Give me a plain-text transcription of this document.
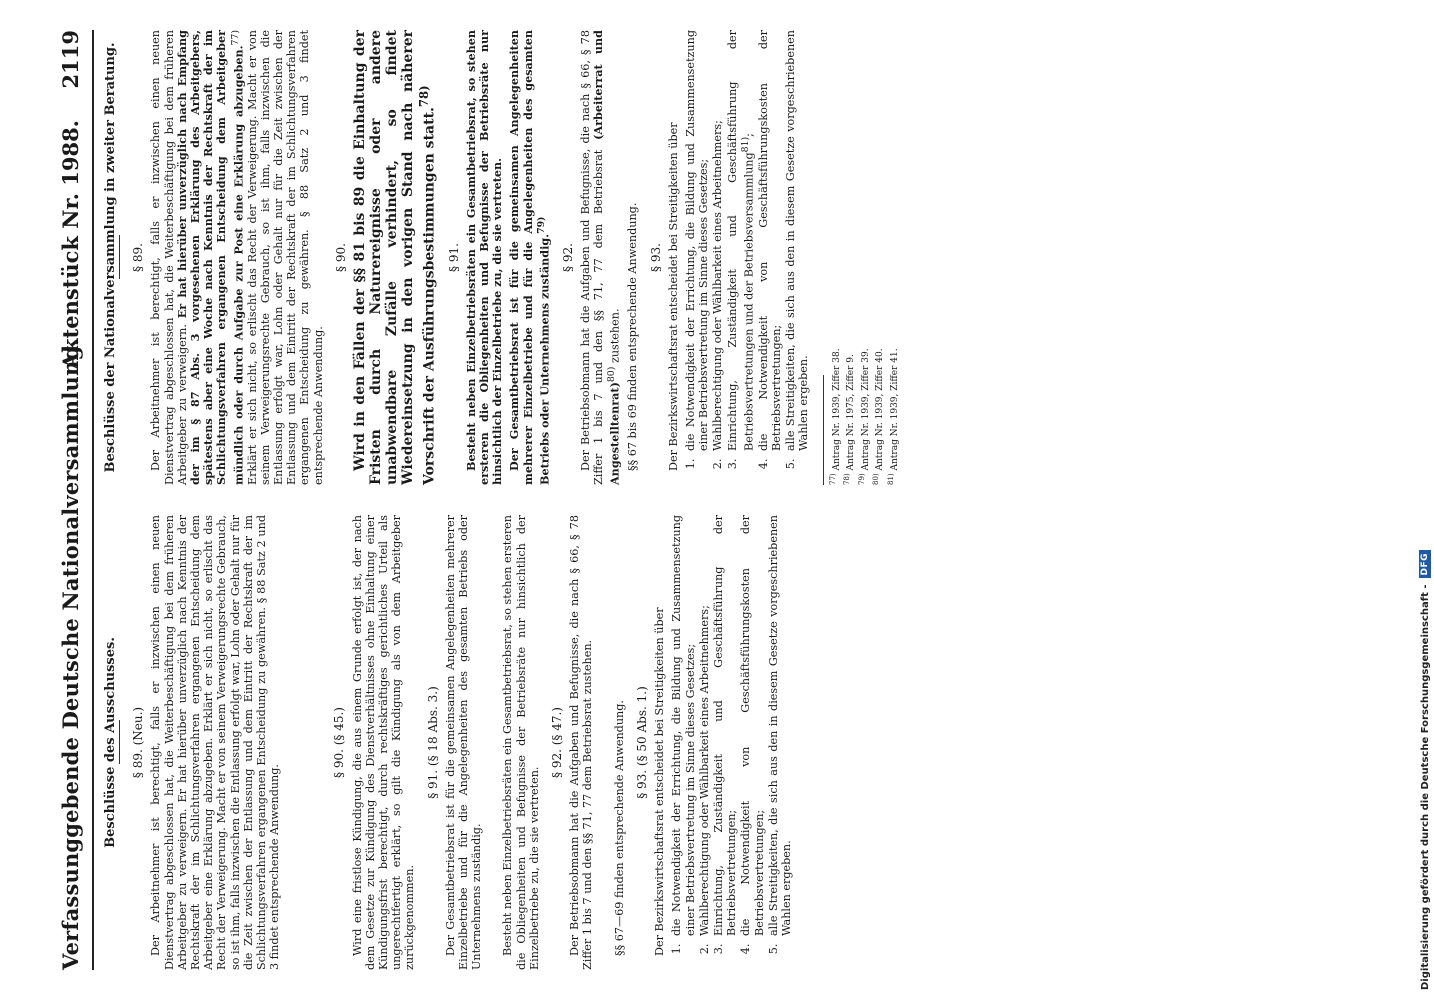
Verfassunggebende Deutsche Nationalversammlung.
Aktenstück Nr. 1988.
2119
Beschlüsse des Ausschusses. § 89. (Neu.) Der Arbeitnehmer ist berechtigt, falls er inzwischen einen neuen Dienstvertrag abgeschlossen hat, die Weiterbeschäftigung bei dem früheren Arbeitgeber zu verweigern. Er hat hierüber unverzüglich nach Kenntnis der Rechtskraft der im Schlichtungsverfahren ergangenen Entscheidung dem Arbeitgeber eine Erklärung abzugeben. Erklärt er sich nicht, so erlischt das Recht der Verweigerung. Macht er von seinem Verweigerungsrechte Gebrauch, so ist ihm, falls inzwischen die Entlassung erfolgt war, Lohn oder Gehalt nur für die Zeit zwischen der Entlassung und dem Eintritt der Rechtskraft der im Schlichtungsverfahren ergangenen Entscheidung zu gewähren. § 88 Satz 2 und 3 findet entsprechende Anwendung.

§ 90. (§ 45.) Wird eine fristlose Kündigung, die aus einem Grunde erfolgt ist, der nach dem Gesetze zur Kündigung des Dienstverhältnisses ohne Einhaltung einer Kündigungsfrist berechtigt, durch rechtskräftiges gerichtliches Urteil als ungerechtfertigt erklärt, so gilt die Kündigung als von dem Arbeitgeber zurückgenommen.

§ 91. (§ 18 Abs. 3.) Der Gesamtbetriebsrat ist für die gemeinsamen Angelegenheiten mehrerer Einzelbetriebe und für die Angelegenheiten des gesamten Betriebs oder Unternehmens zuständig. Besteht neben Einzelbetriebsräten ein Gesamtbetriebsrat, so stehen ersteren die Obliegenheiten und Befugnisse der Betriebsräte nur hinsichtlich der Einzelbetriebe zu, die sie vertreten.

§ 92. (§ 47.) Der Betriebsobmann hat die Aufgaben und Befugnisse, die nach § 66, § 78 Ziffer 1 bis 7 und den §§ 71, 77 dem Betriebsrat zustehen. §§ 67—69 finden entsprechende Anwendung. § 93. (§ 50 Abs. 1.) Der Bezirkswirtschaftsrat entscheidet bei Streitigkeiten über 1. die Notwendigkeit der Errichtung, die Bildung und Zusammensetzung einer Betriebsvertretung im Sinne dieses Gesetzes; 2. Wahlberechtigung oder Wählbarkeit eines Arbeitnehmers; 3. Einrichtung, Zuständigkeit und Geschäftsführung der Betriebsvertretungen; 4. die Notwendigkeit von Geschäftsführungskosten der Betriebsvertretungen; 5. alle Streitigkeiten, die sich aus den in diesem Gesetze vorgeschriebenen Wahlen ergeben.
Beschlüsse der Nationalversammlung in zweiter Beratung. § 89. Der Arbeitnehmer ist berechtigt, falls er inzwischen einen neuen Dienstvertrag abgeschlossen hat, die Weiterbeschäftigung bei dem früheren Arbeitgeber zu verweigern. Er hat hierüber unverzüglich nach Empfang der im § 87 Abs. 3 vorgesehenen Erklärung des Arbeitgebers, spätestens aber eine Woche nach Kenntnis der Rechtskraft der im Schlichtungsverfahren ergangenen Entscheidung dem Arbeitgeber mündlich oder durch Aufgabe zur Post eine Erklärung abzugeben.$^{77)}$ Erklärt er sich nicht, so erlischt das Recht der Verweigerung. Macht er von seinem Verweigerungsrechte Gebrauch, so ist ihm, falls inzwischen die Entlassung erfolgt war, Lohn oder Gehalt nur für die Zeit zwischen der Entlassung und dem Eintritt der Rechtskraft der im Schlichtungsverfahren ergangenen Entscheidung zu gewähren. § 88 Satz 2 und 3 findet entsprechende Anwendung.

§ 90. Wird in den Fällen der §§ 81 bis 89 die Einhaltung der Fristen durch Naturereignisse oder andere unabwendbare Zufälle verhindert, so findet Wiedereinsetzung in den vorigen Stand nach näherer Vorschrift der Ausführungsbestimmungen statt.$^{78)}$

§ 91. Besteht neben Einzelbetriebsräten ein Gesamtbetriebsrat, so stehen ersteren die Obliegenheiten und Befugnisse der Betriebsräte nur hinsichtlich der Einzelbetriebe zu, die sie vertreten. Der Gesamtbetriebsrat ist für die gemeinsamen Angelegenheiten mehrerer Einzelbetriebe und für die Angelegenheiten des gesamten Betriebs oder Unternehmens zuständig.$^{79)}$

§ 92. Der Betriebsobmann hat die Aufgaben und Befugnisse, die nach § 66, § 78 Ziffer 1 bis 7 und den §§ 71, 77 dem Betriebsrat (Arbeiterrat und Angestelltenrat)$^{80)}$ zustehen. §§ 67 bis 69 finden entsprechende Anwendung. § 93. Der Bezirkswirtschaftsrat entscheidet bei Streitigkeiten über 1. die Notwendigkeit der Errichtung, die Bildung und Zusammensetzung einer Betriebsvertretung im Sinne dieses Gesetzes; 2. Wahlberechtigung oder Wählbarkeit eines Arbeitnehmers; 3. Einrichtung, Zuständigkeit und Geschäftsführung der Betriebsvertretungen und der Betriebsversammlung$^{81)}$; 4. die Notwendigkeit von Geschäftsführungskosten der Betriebsvertretungen; 5. alle Streitigkeiten, die sich aus den in diesem Gesetze vorgeschriebenen Wahlen ergeben.

$^{77)}$ Antrag Nr. 1939, Ziffer 38.

$^{78)}$ Antrag Nr. 1975, Ziffer 9.

$^{79)}$ Antrag Nr. 1939, Ziffer 39.

$^{80)}$ Antrag Nr. 1939, Ziffer 40.

$^{81)}$ Antrag Nr. 1939, Ziffer 41.

Digitalisierung gefördert durch die Deutsche Forschungsgemeinschaft -
DFG
